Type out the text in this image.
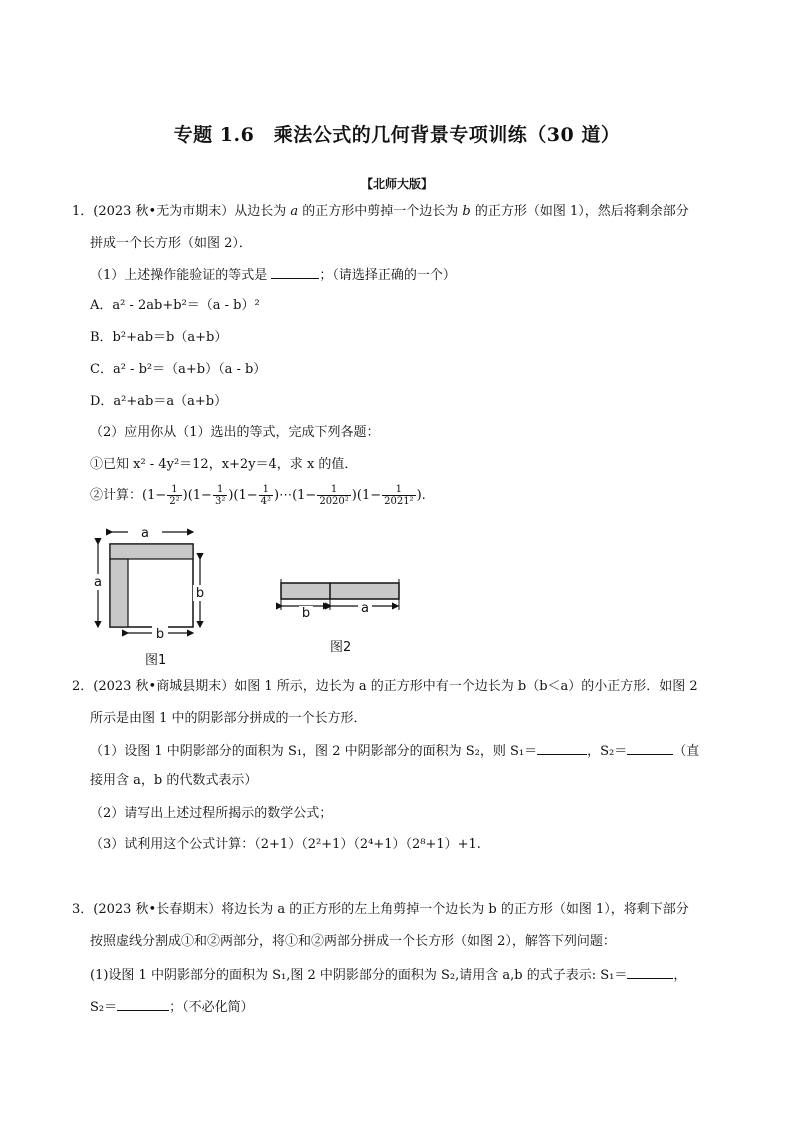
专题 1.6　乘法公式的几何背景专项训练（30 道）
【北师大版】
1．(2023 秋•无为市期末）从边长为 a 的正方形中剪掉一个边长为 b 的正方形（如图 1），然后将剩余部分
拼成一个长方形（如图 2）．
（1）上述操作能验证的等式是	；（请选择正确的一个）
A．a² - 2ab+b²＝（a - b）²
B．b²+ab＝b（a+b）
C．a² - b²＝（a+b）（a - b）
D．a²+ab＝a（a+b）
（2）应用你从（1）选出的等式，完成下列各题：
①已知 x² - 4y²＝12，x+2y＝4，求 x 的值．
②计算：$(1- \frac{1}{\text{2²}} )(1- \frac{1}{\text{3²}} )(1- \frac{1}{\text{4²}}$ )⋯(1− $\frac{1}{\text{2020²}} )(1- \frac{1}{\text{2021²}}$ ).
a
a
b
b
图1
b	a
图2
2．(2023 秋•商城县期末）如图 1 所示，边长为 a 的正方形中有一个边长为 b（b＜a）的小正方形．如图 2
所示是由图 1 中的阴影部分拼成的一个长方形．
（1）设图 1 中阴影部分的面积为 S₁，图 2 中阴影部分的面积为 S₂，则 S₁＝	，S₂＝	（直
接用含 a，b 的代数式表示）
（2）请写出上述过程所揭示的数学公式；
（3）试利用这个公式计算：（2+1）（2²+1）（2⁴+1）（2⁸+1）+1.
3．(2023 秋•长春期末）将边长为 a 的正方形的左上角剪掉一个边长为 b 的正方形（如图 1），将剩下部分
按照虚线分割成①和②两部分，将①和②两部分拼成一个长方形（如图 2），解答下列问题：
(1)设图 1 中阴影部分的面积为 S₁,图 2 中阴影部分的面积为 S₂,请用含 a,b 的式子表示: S₁＝	，
S₂＝	；（不必化简）
